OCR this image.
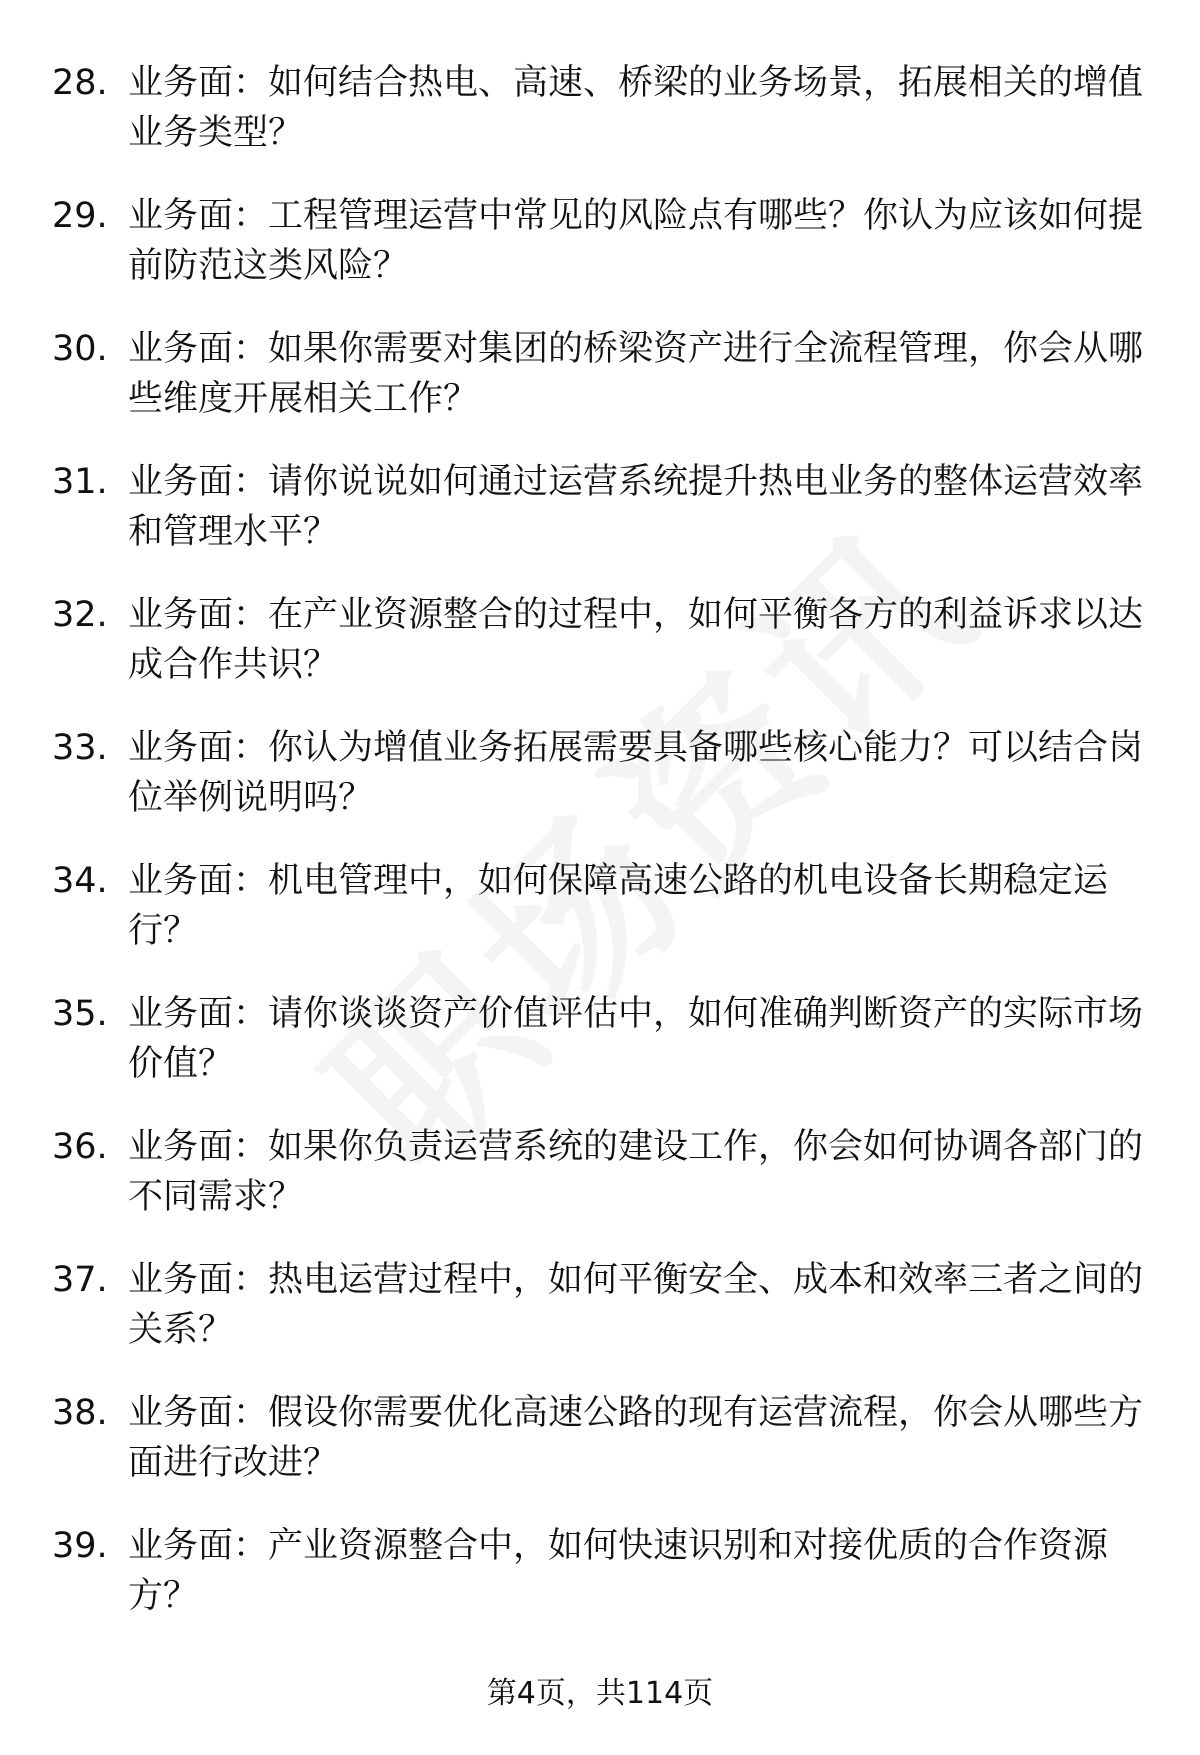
28. 业务面：如何结合热电、高速、桥梁的业务场景，拓展相关的增值业务类型？
29. 业务面：工程管理运营中常见的风险点有哪些？你认为应该如何提前防范这类风险？
30. 业务面：如果你需要对集团的桥梁资产进行全流程管理，你会从哪些维度开展相关工作？
31. 业务面：请你说说如何通过运营系统提升热电业务的整体运营效率和管理水平？
32. 业务面：在产业资源整合的过程中，如何平衡各方的利益诉求以达成合作共识？
33. 业务面：你认为增值业务拓展需要具备哪些核心能力？可以结合岗位举例说明吗？
34. 业务面：机电管理中，如何保障高速公路的机电设备长期稳定运行？
35. 业务面：请你谈谈资产价值评估中，如何准确判断资产的实际市场价值？
36. 业务面：如果你负责运营系统的建设工作，你会如何协调各部门的不同需求？
37. 业务面：热电运营过程中，如何平衡安全、成本和效率三者之间的关系？
38. 业务面：假设你需要优化高速公路的现有运营流程，你会从哪些方面进行改进？
39. 业务面：产业资源整合中，如何快速识别和对接优质的合作资源方？
第4页，共114页
